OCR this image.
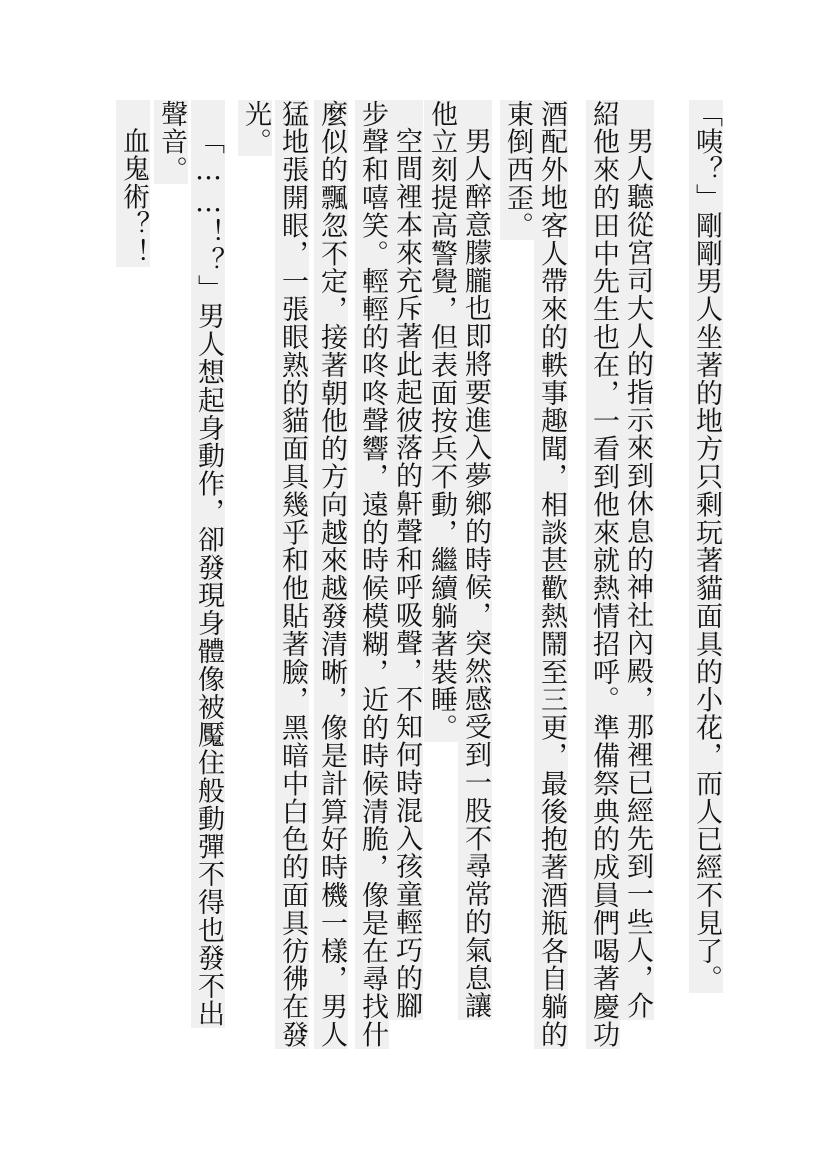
「咦？」剛剛男人坐著的地方只剩玩著貓面具的小花，而人已經不見了。
男人聽從宮司大人的指示來到休息的神社內殿，那裡已經先到一些人，介
紹他來的田中先生也在，一看到他來就熱情招呼。準備祭典的成員們喝著慶功
酒配外地客人帶來的軼事趣聞，相談甚歡熱鬧至三更，最後抱著酒瓶各自躺的
東倒西歪。
男人醉意朦朧也即將要進入夢鄉的時候，突然感受到一股不尋常的氣息讓
他立刻提高警覺，但表面按兵不動，繼續躺著裝睡。
空間裡本來充斥著此起彼落的鼾聲和呼吸聲，不知何時混入孩童輕巧的腳
步聲和嘻笑。輕輕的咚咚聲響，遠的時候模糊，近的時候清脆，像是在尋找什
麼似的飄忽不定，接著朝他的方向越來越發清晰，像是計算好時機一樣，男人
猛地張開眼，一張眼熟的貓面具幾乎和他貼著臉，黑暗中白色的面具彷彿在發
光。
「……！？」男人想起身動作，卻發現身體像被魘住般動彈不得也發不出
聲音。
血鬼術？！
